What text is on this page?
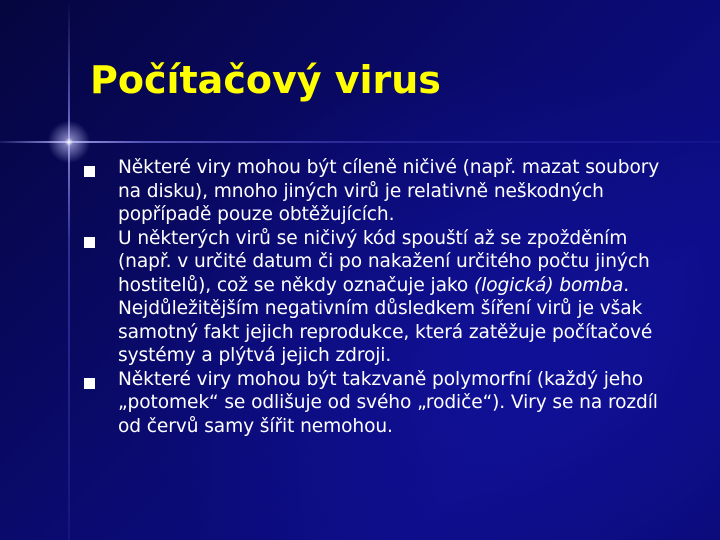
Počítačový virus
Některé viry mohou být cíleně ničivé (např. mazat soubory na disku), mnoho jiných virů je relativně neškodných popřípadě pouze obtěžujících.
U některých virů se ničivý kód spouští až se zpožděním (např. v určité datum či po nakažení určitého počtu jiných hostitelů), což se někdy označuje jako (logická) bomba. Nejdůležitějším negativním důsledkem šíření virů je však samotný fakt jejich reprodukce, která zatěžuje počítačové systémy a plýtvá jejich zdroji.
Některé viry mohou být takzvaně polymorfní (každý jeho „potomek“ se odlišuje od svého „rodiče“). Viry se na rozdíl od červů samy šířit nemohou.
